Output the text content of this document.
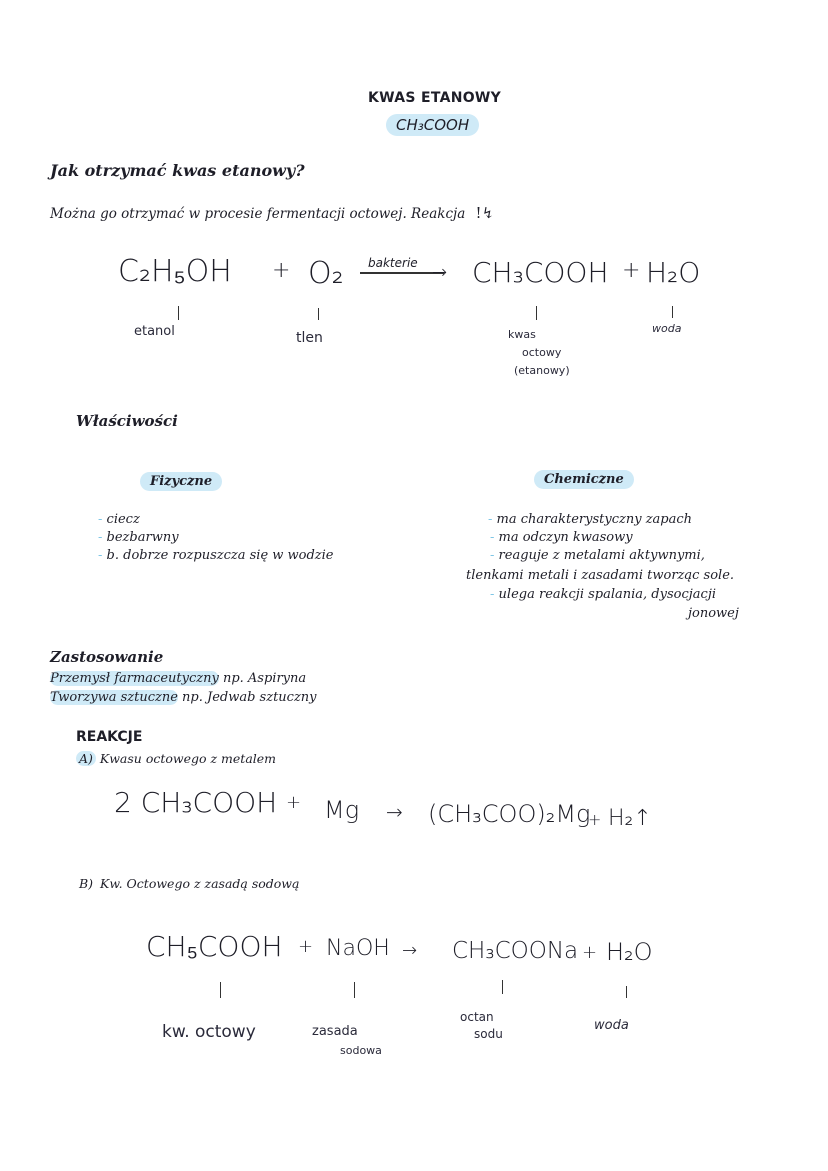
KWAS ETANOWY
CH₃COOH
Jak otrzymać kwas etanowy?
Można go otrzymać w procesie fermentacji octowej. Reakcja !↯
C₂H₅OH + O₂ bakterie → CH₃COOH + H₂O
etanol	tlen	kwas
octowy
(etanowy)
woda
Właściwości
Fizyczne	Chemiczne
- ciecz
- bezbarwny
- b. dobrze rozpuszcza się w wodzie
- ma charakterystyczny zapach
- ma odczyn kwasowy
- reaguje z metalami aktywnymi,
tlenkami metali i zasadami tworząc sole.
- ulega reakcji spalania, dysocjacji
jonowej
Zastosowanie
Przemysł farmaceutyczny np. Aspiryna
Tworzywa sztuczne np. Jedwab sztuczny
REAKCJE
A) Kwasu octowego z metalem
2 CH₃COOH + Mg → (CH₃COO)₂Mg
+ H₂↑
B) Kw. Octowego z zasadą sodową
CH₅COOH + NaOH → CH₃COONa + H₂O
kw. octowy	zasada
sodowa
octan
sodu
woda
